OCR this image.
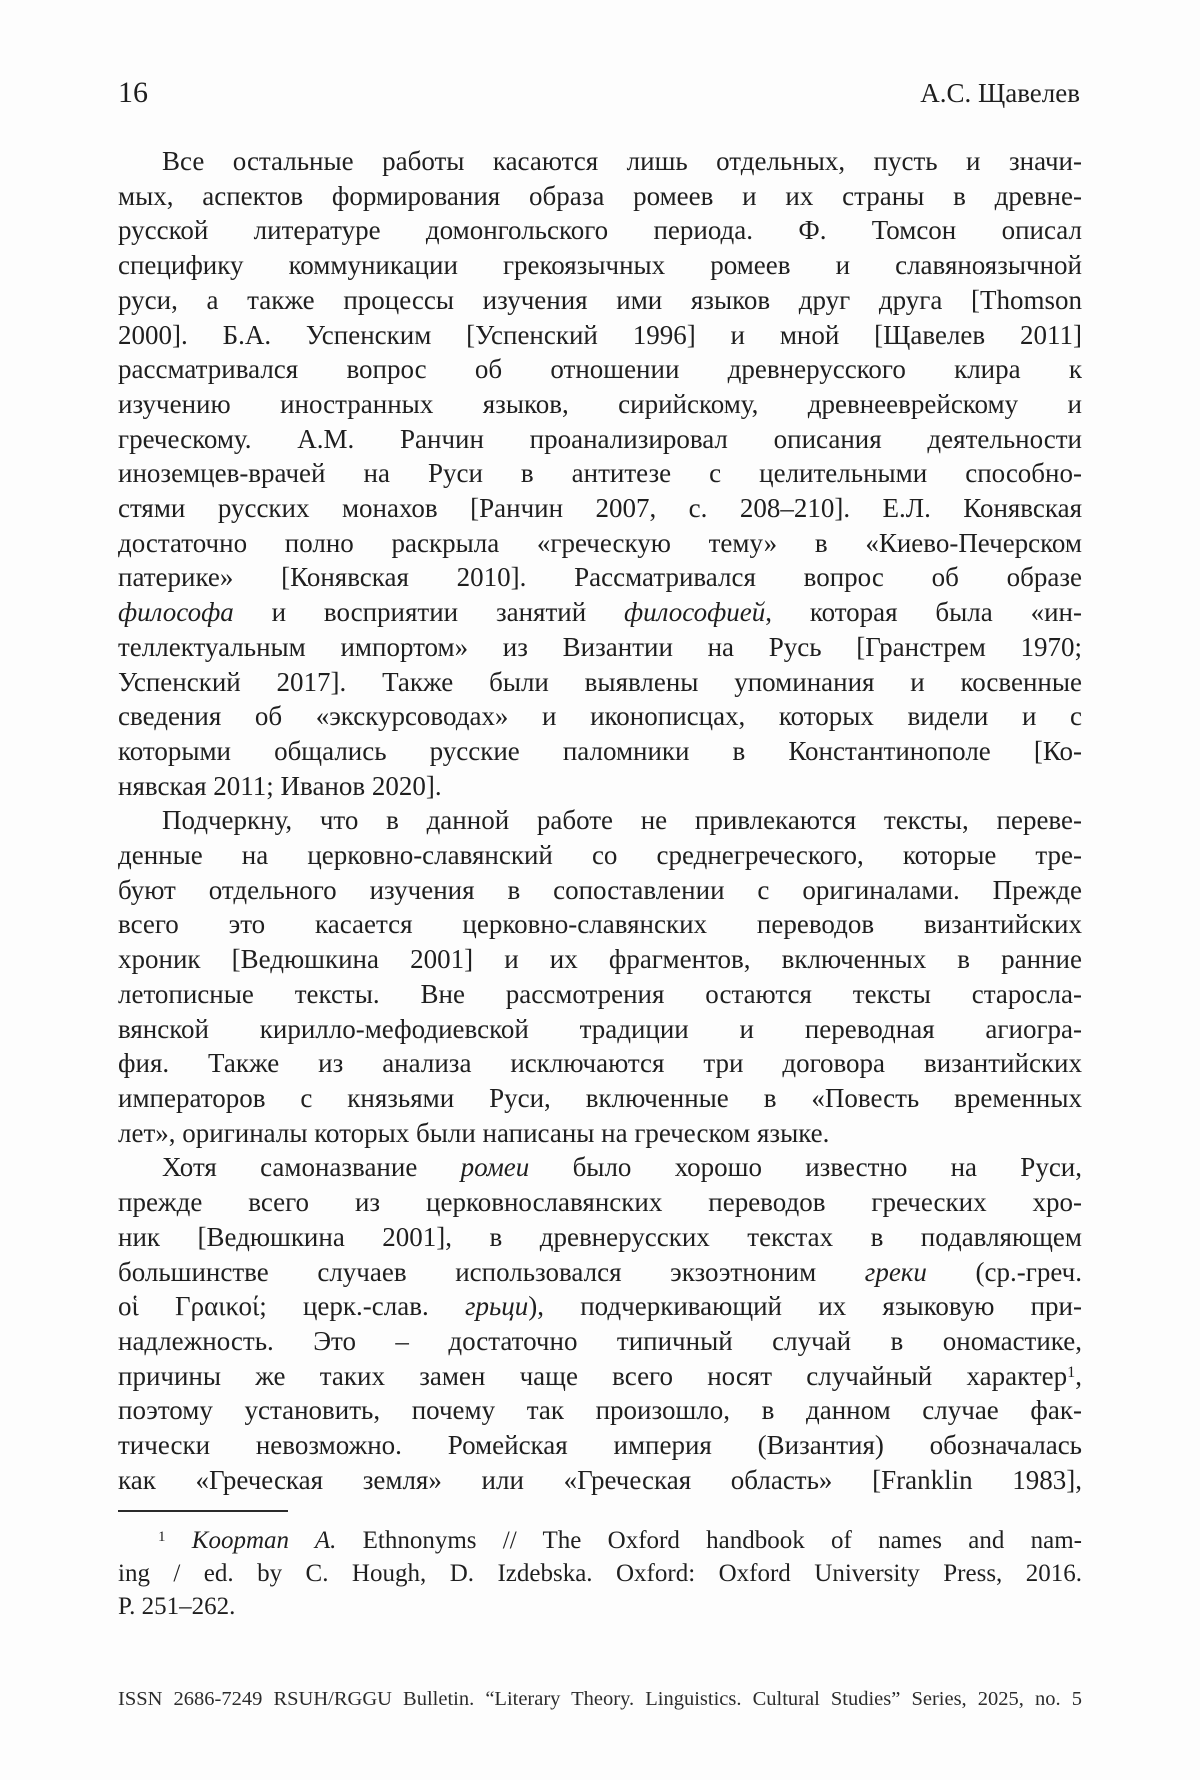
16	А.С. Щавелев
Все остальные работы касаются лишь отдельных, пусть и значи-
мых, аспектов формирования образа ромеев и их страны в древне-
русской литературе домонгольского периода. Ф. Томсон описал
специфику коммуникации грекоязычных ромеев и славяноязычной
руси, а также процессы изучения ими языков друг друга [Thomson
2000]. Б.А. Успенским [Успенский 1996] и мной [Щавелев 2011]
рассматривался вопрос об отношении древнерусского клира к
изучению иностранных языков, сирийскому, древнееврейскому и
греческому. А.М. Ранчин проанализировал описания деятельности
иноземцев-врачей на Руси в антитезе с целительными способно-
стями русских монахов [Ранчин 2007, с. 208–210]. Е.Л. Конявская
достаточно полно раскрыла «греческую тему» в «Киево-Печерском
патерике» [Конявская 2010]. Рассматривался вопрос об образе
философа и восприятии занятий философией, которая была «ин-
теллектуальным импортом» из Византии на Русь [Гранстрем 1970;
Успенский 2017]. Также были выявлены упоминания и косвенные
сведения об «экскурсоводах» и иконописцах, которых видели и с
которыми общались русские паломники в Константинополе [Ко-
нявская 2011; Иванов 2020].
Подчеркну, что в данной работе не привлекаются тексты, переве-
денные на церковно-славянский со среднегреческого, которые тре-
буют отдельного изучения в сопоставлении с оригиналами. Прежде
всего это касается церковно-славянских переводов византийских
хроник [Ведюшкина 2001] и их фрагментов, включенных в ранние
летописные тексты. Вне рассмотрения остаются тексты старосла-
вянской кирилло-мефодиевской традиции и переводная агиогра-
фия. Также из анализа исключаются три договора византийских
императоров с князьями Руси, включенные в «Повесть временных
лет», оригиналы которых были написаны на греческом языке.
Хотя самоназвание ромеи было хорошо известно на Руси,
прежде всего из церковнославянских переводов греческих хро-
ник [Ведюшкина 2001], в древнерусских текстах в подавляющем
большинстве случаев использовался экзоэтноним греки (ср.-греч.
οἱ Γραικοί; церк.-слав. грьци), подчеркивающий их языковую при-
надлежность. Это – достаточно типичный случай в ономастике,
причины же таких замен чаще всего носят случайный характер$^1$,
поэтому установить, почему так произошло, в данном случае фак-
тически невозможно. Ромейская империя (Византия) обозначалась
как «Греческая земля» или «Греческая область» [Franklin 1983],
$^1$ Koopman A. Ethnonyms // The Oxford handbook of names and nam-
ing / ed. by C. Hough, D. Izdebska. Oxford: Oxford University Press, 2016.
P. 251–262.
ISSN 2686-7249 RSUH/RGGU Bulletin. “Literary Theory. Linguistics. Cultural Studies” Series, 2025, no. 5
